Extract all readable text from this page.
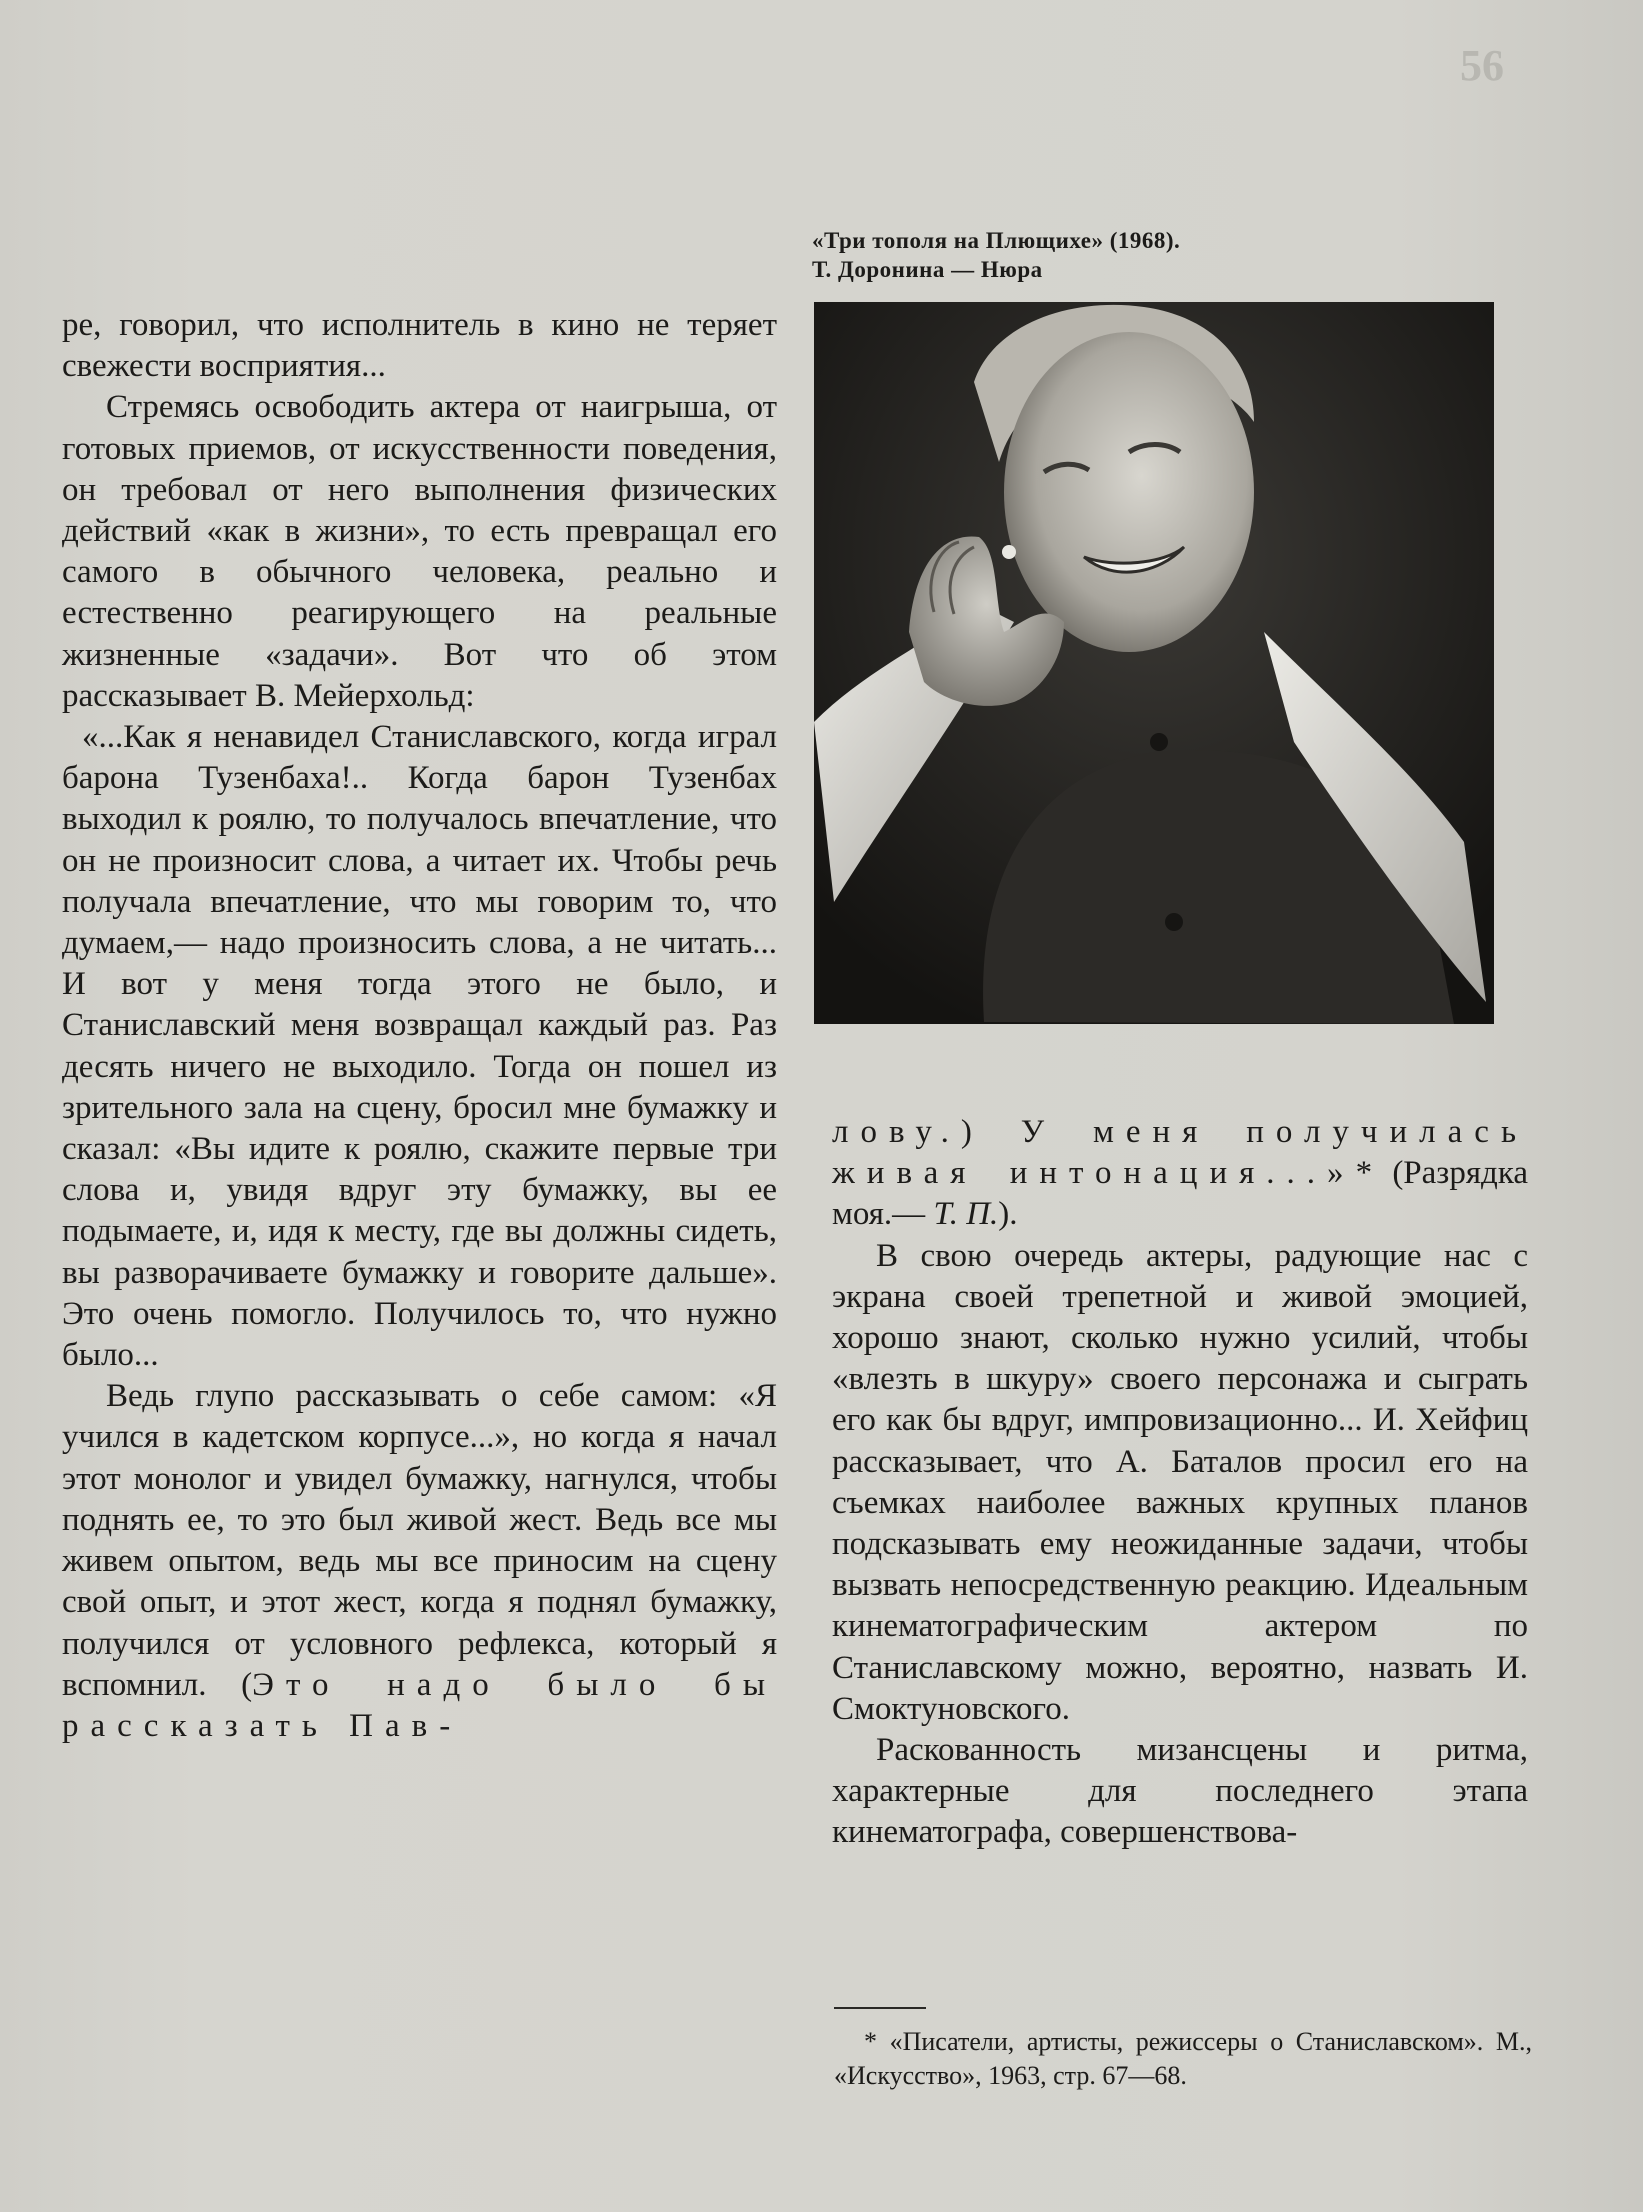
56
«Три тополя на Плющихе» (1968).
Т. Доронина — Нюра

ре, говорил, что исполнитель в кино не теряет свежести восприятия...

Стремясь освободить актера от наигрыша, от готовых приемов, от искусственности поведения, он требовал от него выполнения физических действий «как в жизни», то есть превращал его самого в обычного человека, реально и естественно реагирующего на реальные жизненные «задачи». Вот что об этом рассказывает В. Мейерхольд:

«...Как я ненавидел Станиславского, когда играл барона Тузенбаха!.. Когда барон Тузенбах выходил к роялю, то получалось впечатление, что он не произносит слова, а читает их. Чтобы речь получала впечатление, что мы говорим то, что думаем,— надо произносить слова, а не читать... И вот у меня тогда этого не было, и Станиславский меня возвращал каждый раз. Раз десять ничего не выходило. Тогда он пошел из зрительного зала на сцену, бросил мне бумажку и сказал: «Вы идите к роялю, скажите первые три слова и, увидя вдруг эту бумажку, вы ее подымаете, и, идя к месту, где вы должны сидеть, вы разворачиваете бумажку и говорите дальше». Это очень помогло. Получилось то, что нужно было...

Ведь глупо рассказывать о себе самом: «Я учился в кадетском корпусе...», но когда я начал этот монолог и увидел бумажку, нагнулся, чтобы поднять ее, то это был живой жест. Ведь все мы живем опытом, ведь мы все приносим на сцену свой опыт, и этот жест, когда я поднял бумажку, получился от условного рефлекса, который я вспомнил. (Это надо было бы рассказать Пав-

лову.) У меня получилась живая интонация...»* (Разрядка моя.— Т. П.).

В свою очередь актеры, радующие нас с экрана своей трепетной и живой эмоцией, хорошо знают, сколько нужно усилий, чтобы «влезть в шкуру» своего персонажа и сыграть его как бы вдруг, импровизационно... И. Хейфиц рассказывает, что А. Баталов просил его на съемках наиболее важных крупных планов подсказывать ему неожиданные задачи, чтобы вызвать непосредственную реакцию. Идеальным кинематографическим актером по Станиславскому можно, вероятно, назвать И. Смоктуновского.

Раскованность мизансцены и ритма, характерные для последнего этапа кинематографа, совершенствова-

* «Писатели, артисты, режиссеры о Станиславском». М., «Искусство», 1963, стр. 67—68.
